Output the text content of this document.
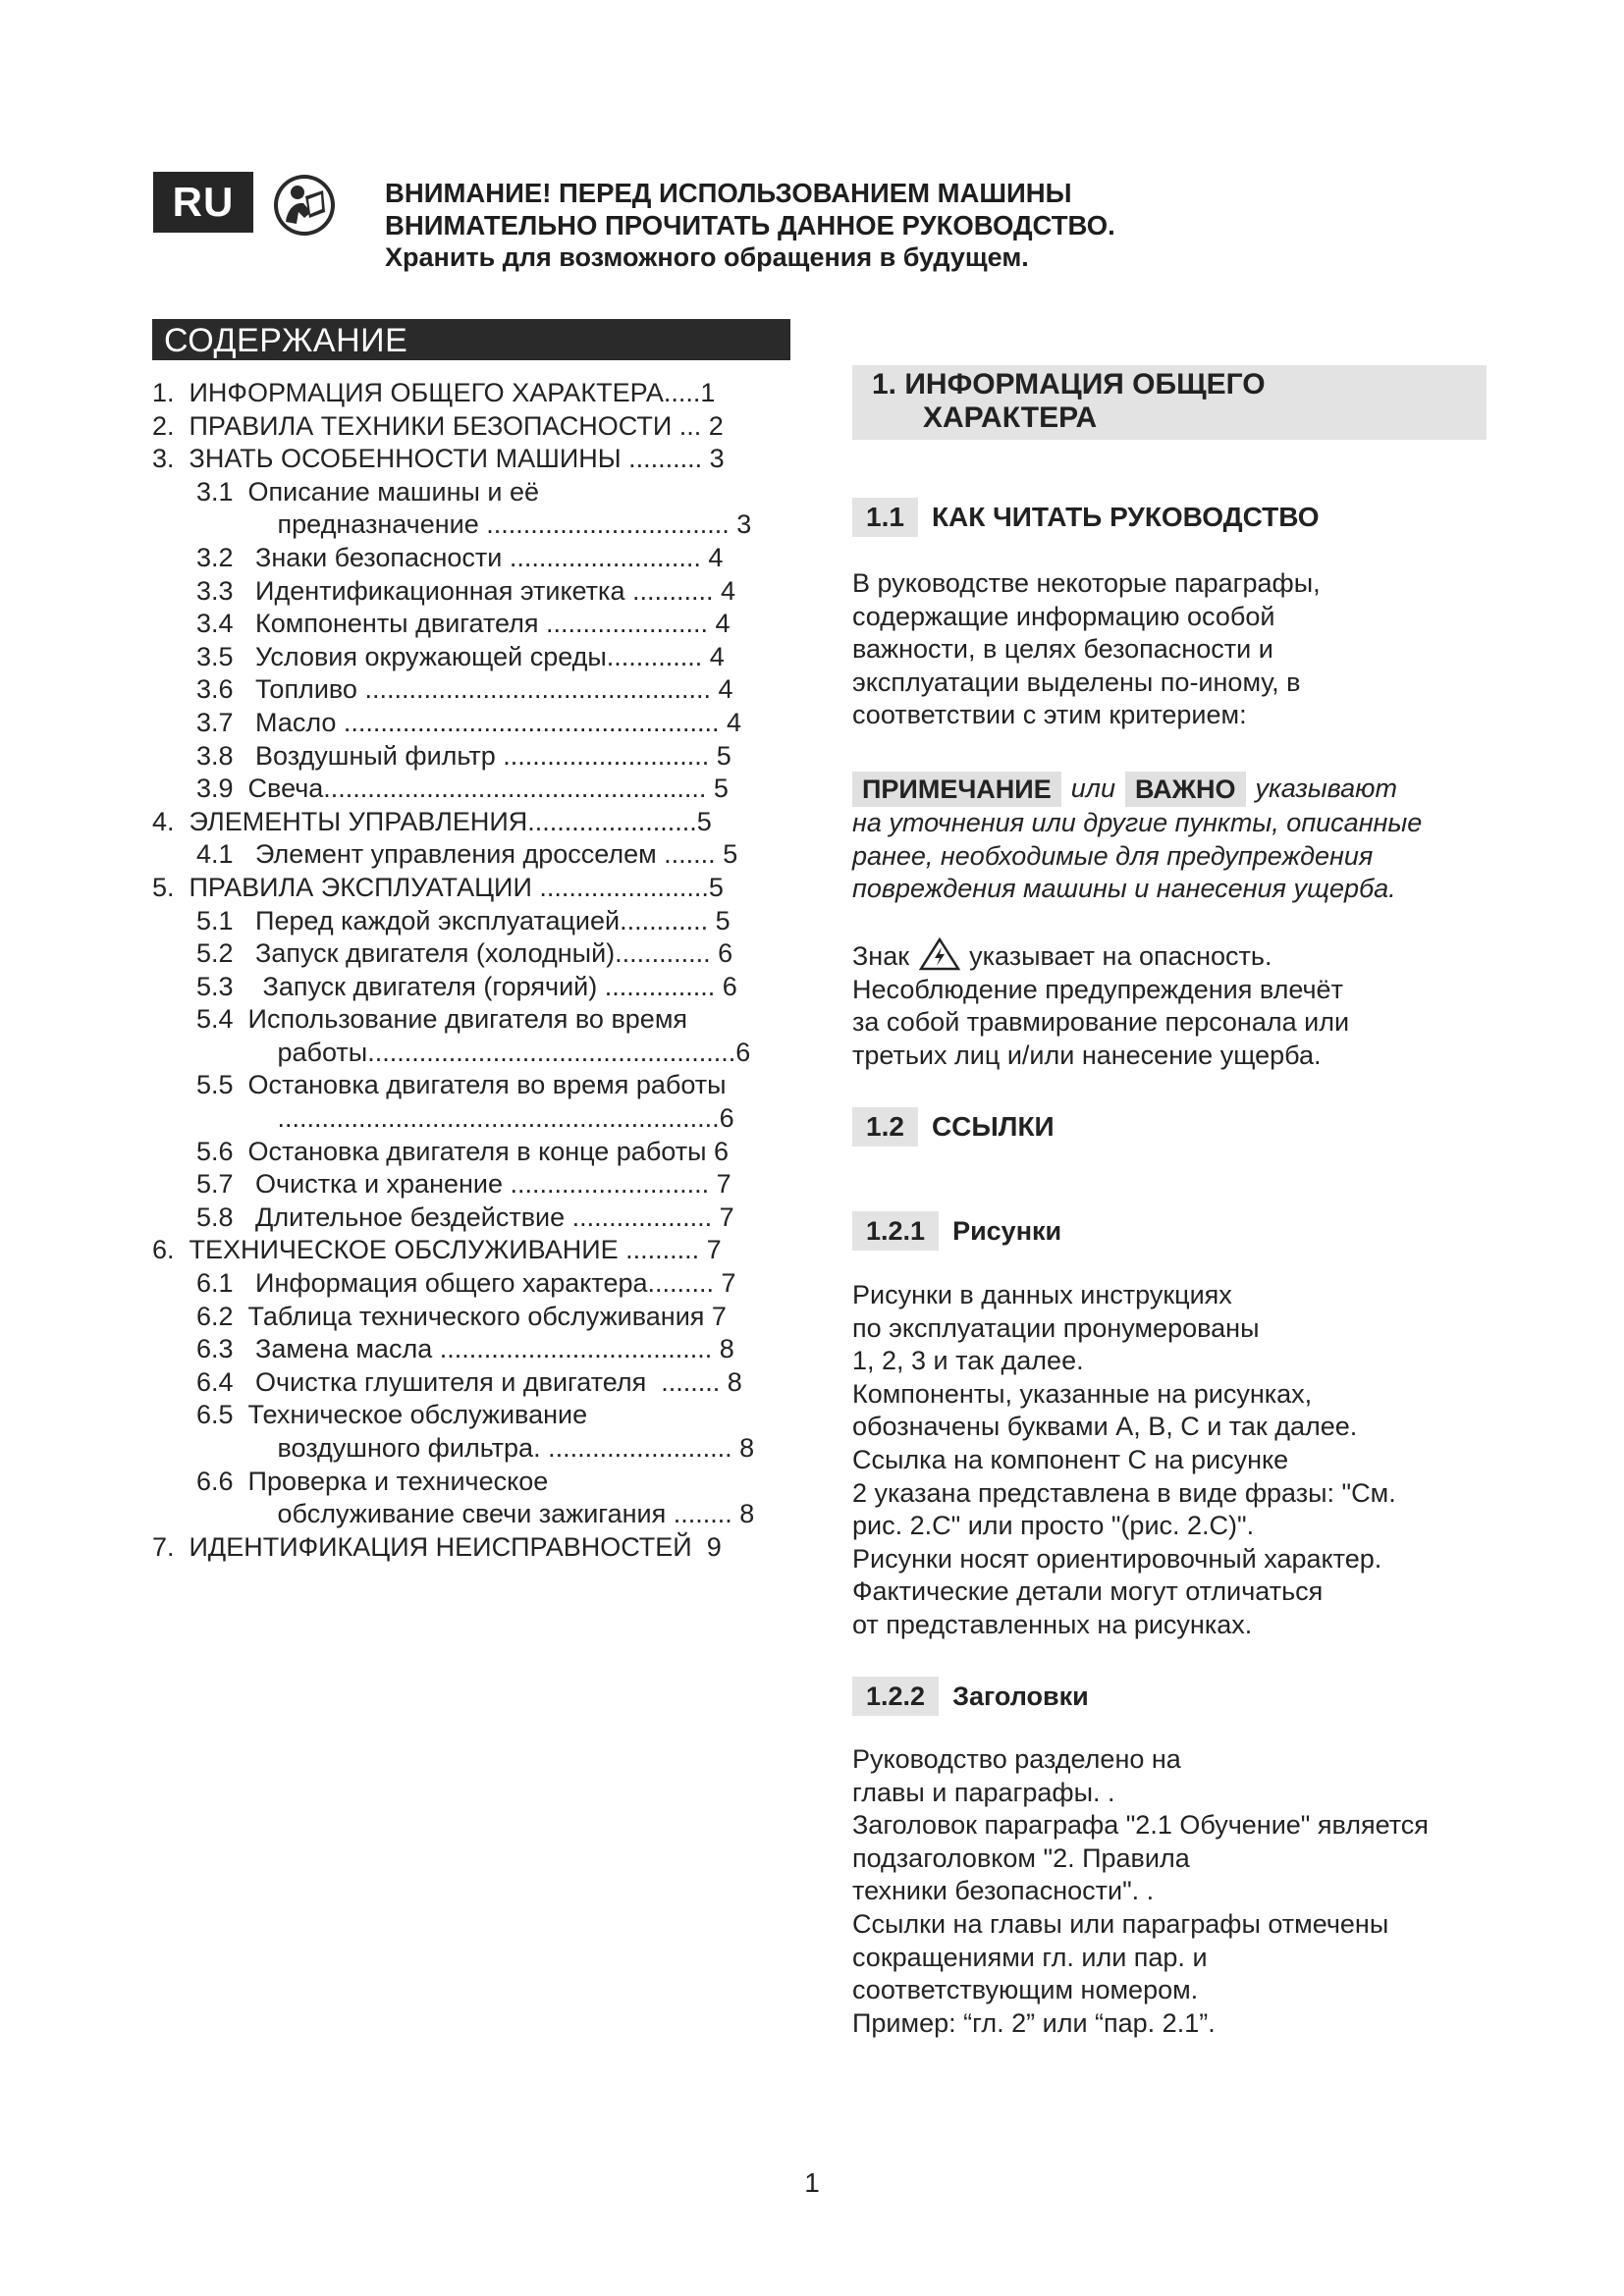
RU	ВНИМАНИЕ! ПЕРЕД ИСПОЛЬЗОВАНИЕМ МАШИНЫ
ВНИМАТЕЛЬНО ПРОЧИТАТЬ ДАННОЕ РУКОВОДСТВО.
Хранить для возможного обращения в будущем.
СОДЕРЖАНИЕ
1.  ИНФОРМАЦИЯ ОБЩЕГО ХАРАКТЕРА.....1
2.  ПРАВИЛА ТЕХНИКИ БЕЗОПАСНОСТИ ... 2
3.  ЗНАТЬ ОСОБЕННОСТИ МАШИНЫ .......... 3
3.1  Описание машины и её
предназначение ................................. 3
3.2   Знаки безопасности .......................... 4
3.3   Идентификационная этикетка ........... 4
3.4   Компоненты двигателя ...................... 4
3.5   Условия окружающей среды............. 4
3.6   Топливо ............................................... 4
3.7   Масло ................................................... 4
3.8   Воздушный фильтр ............................ 5
3.9  Свеча.................................................... 5
4.  ЭЛЕМЕНТЫ УПРАВЛЕНИЯ.......................5
4.1   Элемент управления дросселем ....... 5
5.  ПРАВИЛА ЭКСПЛУАТАЦИИ .......................5
5.1   Перед каждой эксплуатацией............ 5
5.2   Запуск двигателя (холодный)............. 6
5.3    Запуск двигателя (горячий) ............... 6
5.4  Использование двигателя во время
работы..................................................6
5.5  Остановка двигателя во время работы
............................................................6
5.6  Остановка двигателя в конце работы 6
5.7   Очистка и хранение ........................... 7
5.8   Длительное бездействие ................... 7
6.  ТЕХНИЧЕСКОЕ ОБСЛУЖИВАНИЕ .......... 7
6.1   Информация общего характера......... 7
6.2  Таблица технического обслуживания 7
6.3   Замена масла ..................................... 8
6.4   Очистка глушителя и двигателя  ........ 8
6.5  Техническое обслуживание
воздушного фильтра. ......................... 8
6.6  Проверка и техническое
обслуживание свечи зажигания ........ 8
7.  ИДЕНТИФИКАЦИЯ НЕИСПРАВНОСТЕЙ  9
1. ИНФОРМАЦИЯ ОБЩЕГО
ХАРАКТЕРА
1.1	КАК ЧИТАТЬ РУКОВОДСТВО
В руководстве некоторые параграфы,
содержащие информацию особой
важности, в целях безопасности и
эксплуатации выделены по-иному, в
соответствии с этим критерием:
ПРИМЕЧАНИЕ или ВАЖНО указывают
на уточнения или другие пункты, описанные
ранее, необходимые для предупреждения
повреждения машины и нанесения ущерба.
Знак указывает на опасность.
Несоблюдение предупреждения влечёт
за собой травмирование персонала или
третьих лиц и/или нанесение ущерба.
1.2	ССЫЛКИ
1.2.1	Рисунки
Рисунки в данных инструкциях
по эксплуатации пронумерованы
1, 2, 3 и так далее.
Компоненты, указанные на рисунках,
обозначены буквами А, В, С и так далее.
Ссылка на компонент С на рисунке
2 указана представлена в виде фразы: "См.
рис. 2.С" или просто "(рис. 2.С)".
Рисунки носят ориентировочный характер.
Фактические детали могут отличаться
от представленных на рисунках.
1.2.2	Заголовки
Руководство разделено на
главы и параграфы. .
Заголовок параграфа "2.1 Обучение" является
подзаголовком "2. Правила
техники безопасности". .
Ссылки на главы или параграфы отмечены
сокращениями гл. или пар. и
соответствующим номером.
Пример: “гл. 2” или “пар. 2.1”.
1
